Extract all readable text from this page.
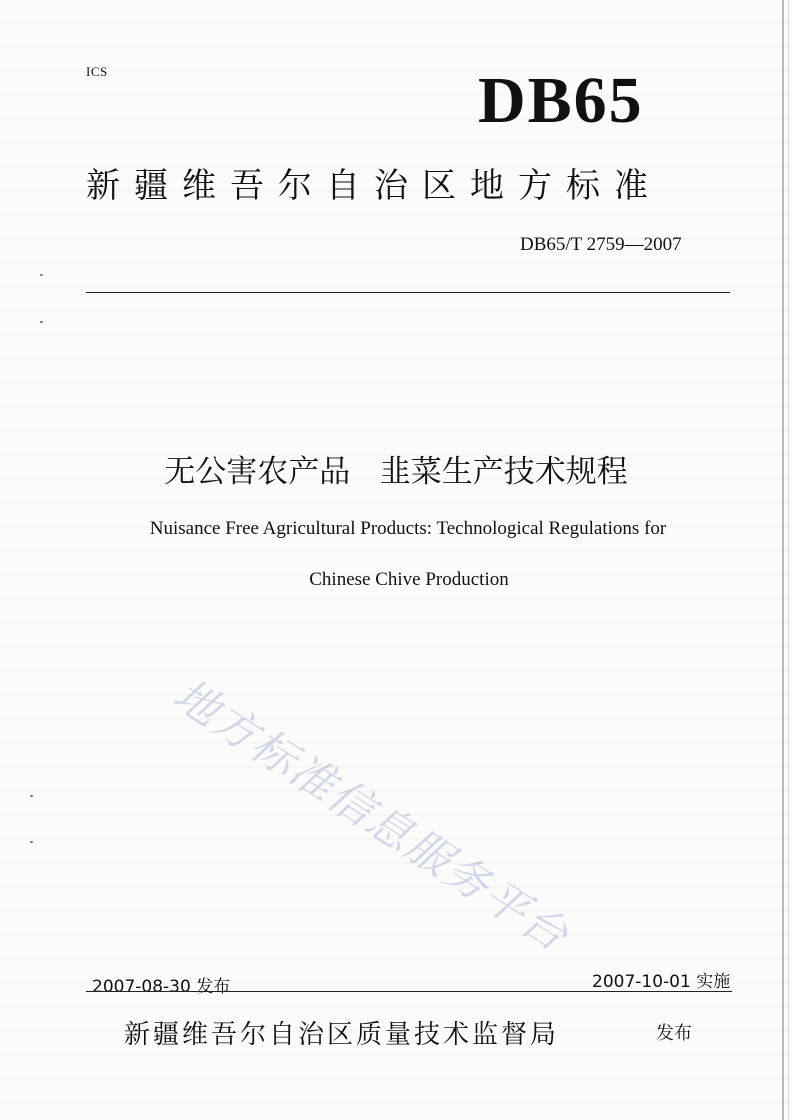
ICS	DB65
新疆维吾尔自治区地方标准
DB65/T 2759—2007
无公害农产品   韭菜生产技术规程
Nuisance Free Agricultural Products: Technological Regulations for
Chinese Chive Production
地方标准信息服务平台
2007-08-30 发布	2007-10-01 实施
新疆维吾尔自治区质量技术监督局	发布
